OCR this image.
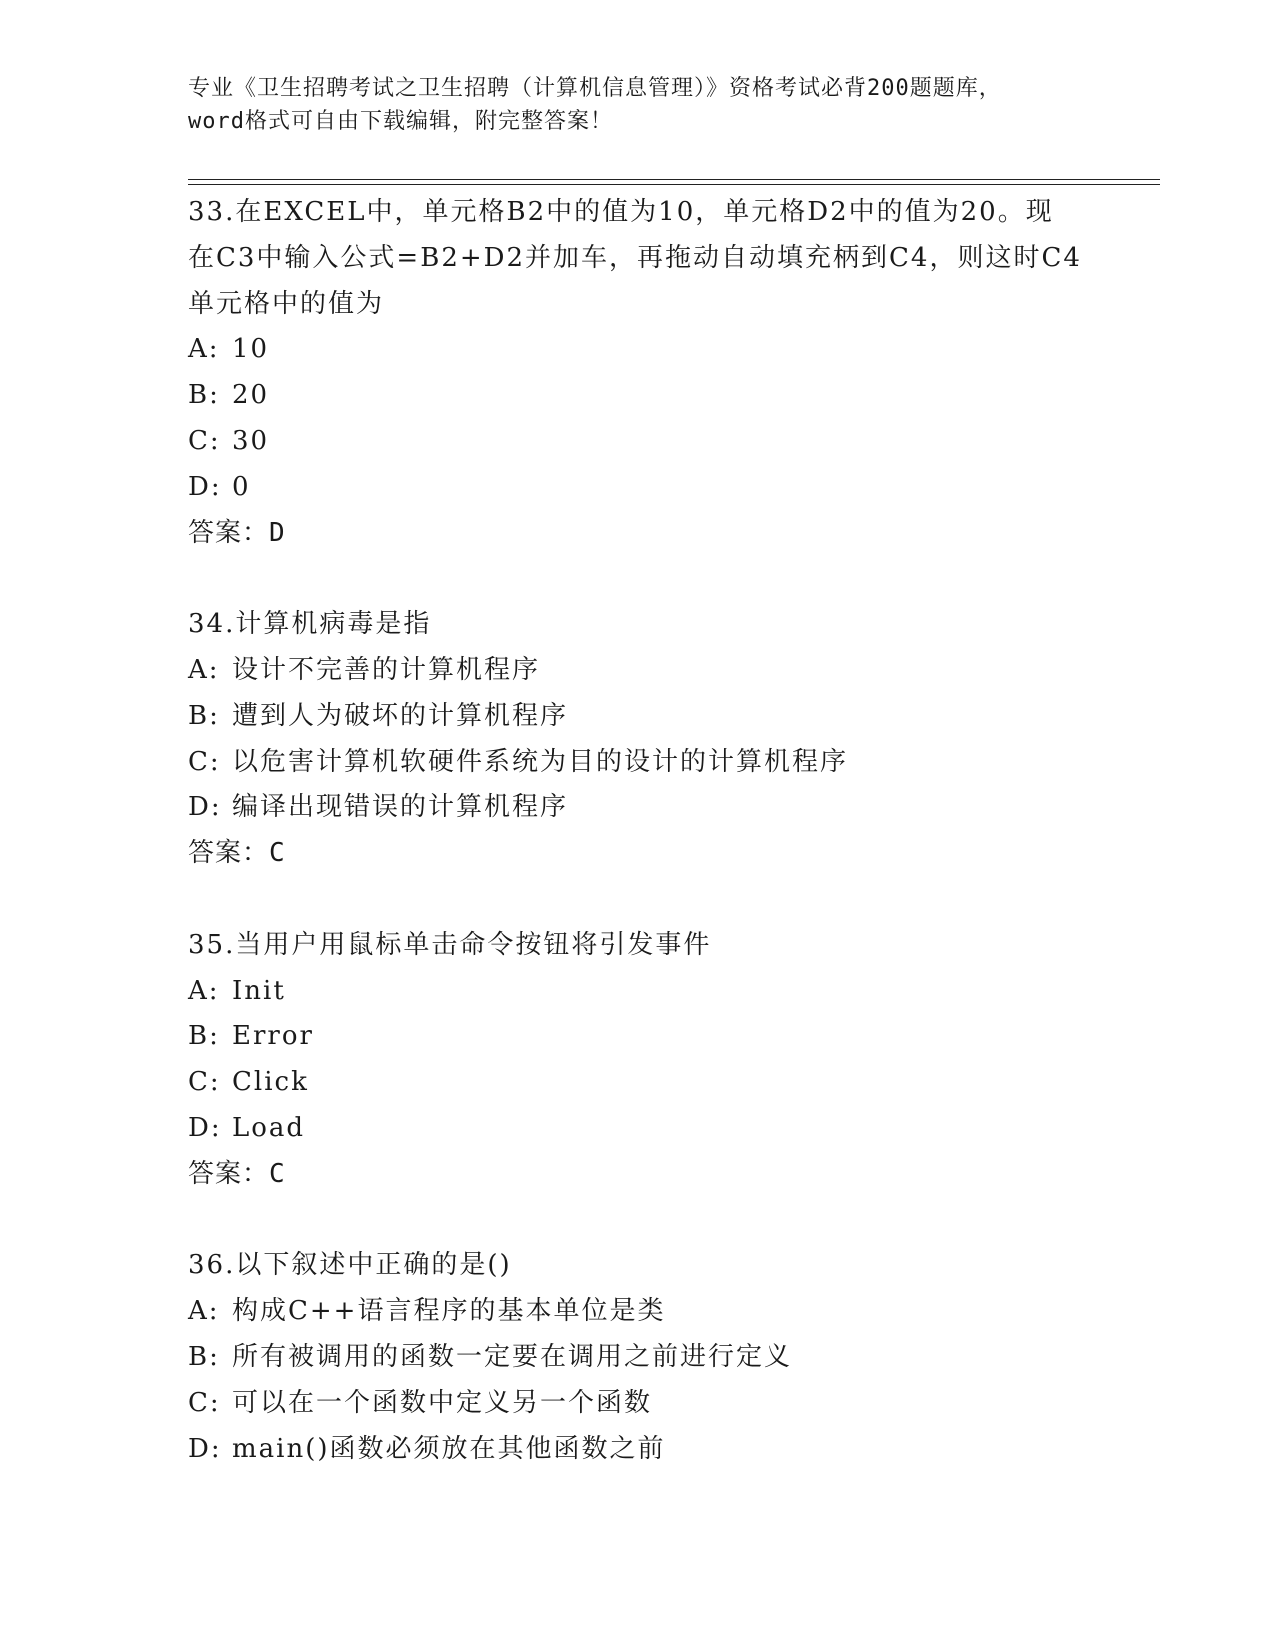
专业《卫生招聘考试之卫生招聘（计算机信息管理）》资格考试必背200题题库，
word格式可自由下载编辑，附完整答案！
33.在EXCEL中，单元格B2中的值为10，单元格D2中的值为20。现
在C3中输入公式=B2+D2并加车，再拖动自动填充柄到C4，则这时C4
单元格中的值为
A: 10
B: 20
C: 30
D: 0
答案：D
34.计算机病毒是指
A: 设计不完善的计算机程序
B: 遭到人为破坏的计算机程序
C: 以危害计算机软硬件系统为目的设计的计算机程序
D: 编译出现错误的计算机程序
答案：C
35.当用户用鼠标单击命令按钮将引发事件
A: Init
B: Error
C: Click
D: Load
答案：C
36.以下叙述中正确的是()
A: 构成C++语言程序的基本单位是类
B: 所有被调用的函数一定要在调用之前进行定义
C: 可以在一个函数中定义另一个函数
D: main()函数必须放在其他函数之前
